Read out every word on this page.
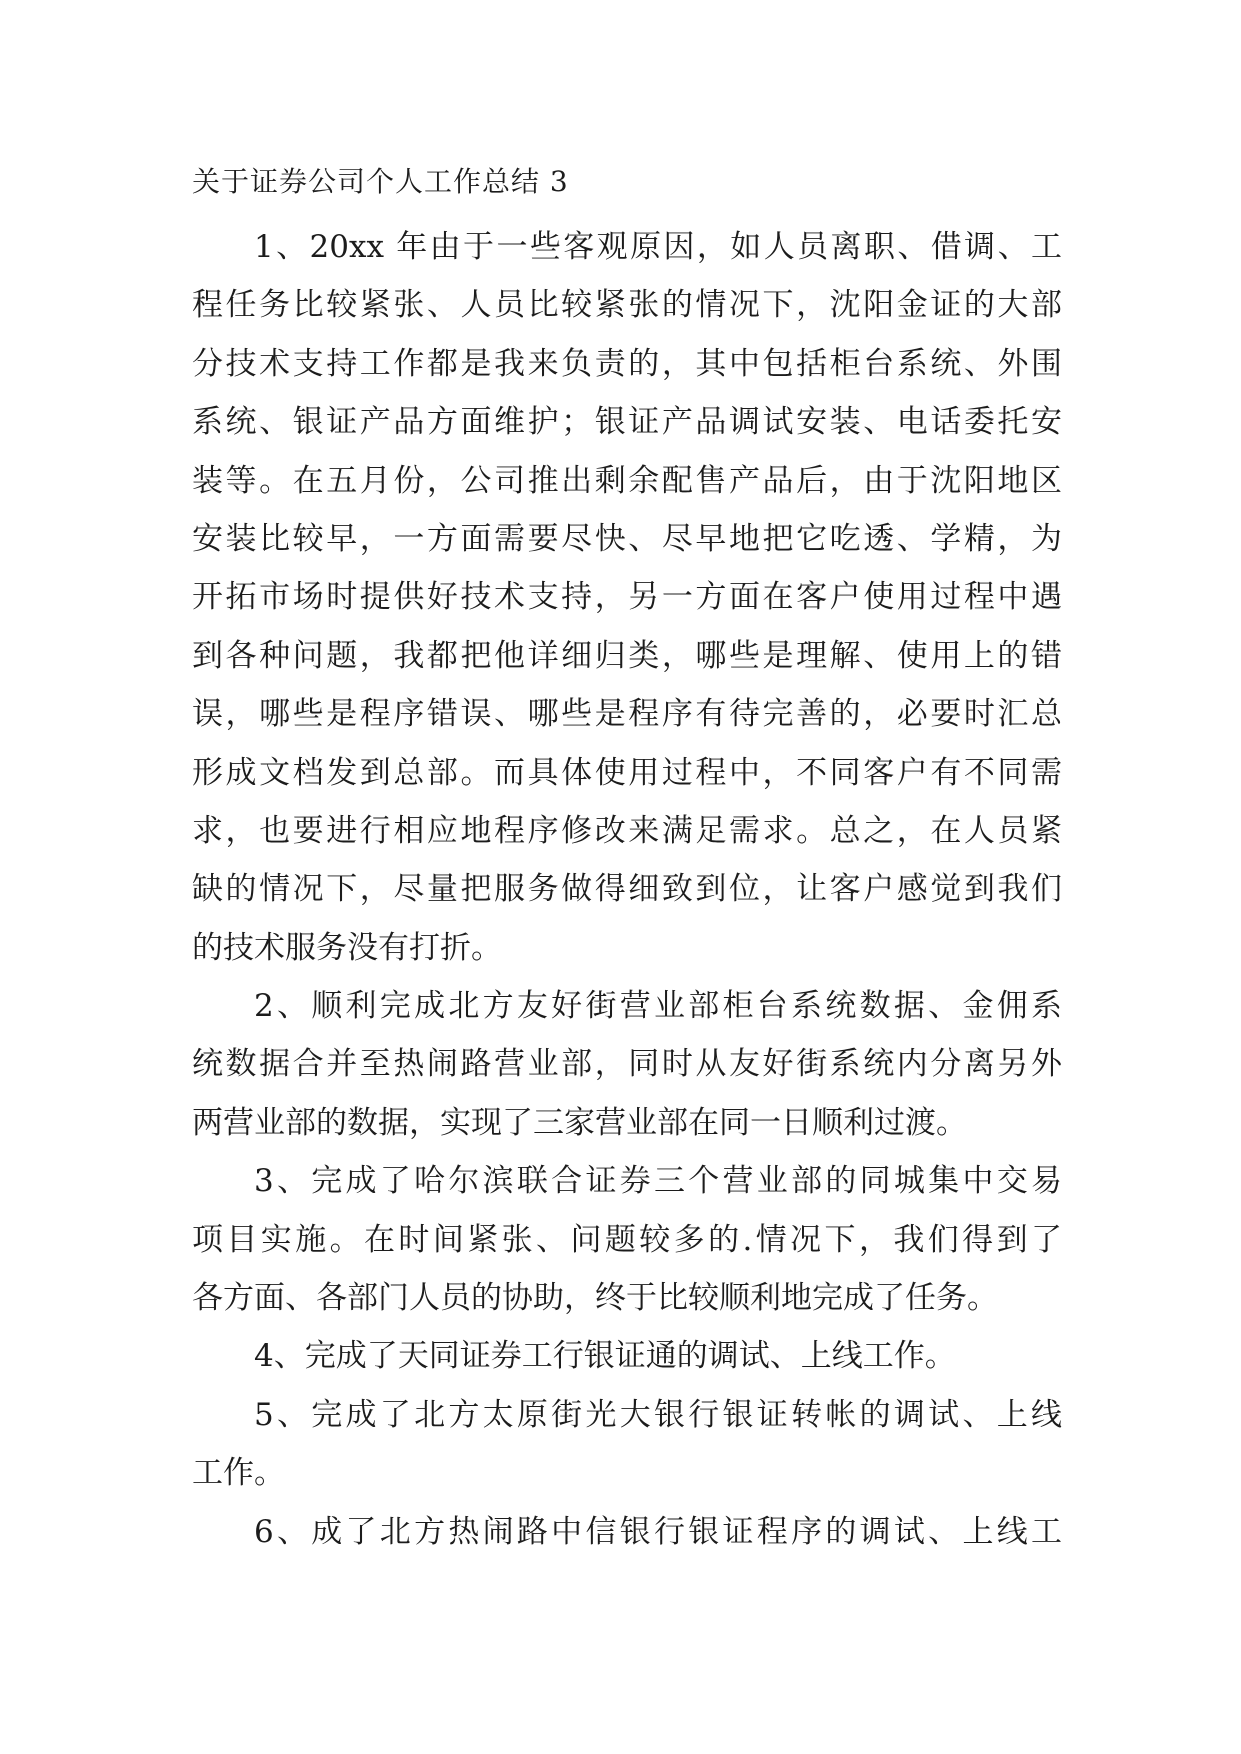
关于证券公司个人工作总结 3
1、20xx 年由于一些客观原因，如人员离职、借调、工
程任务比较紧张、人员比较紧张的情况下，沈阳金证的大部
分技术支持工作都是我来负责的，其中包括柜台系统、外围
系统、银证产品方面维护；银证产品调试安装、电话委托安
装等。在五月份，公司推出剩余配售产品后，由于沈阳地区
安装比较早，一方面需要尽快、尽早地把它吃透、学精，为
开拓市场时提供好技术支持，另一方面在客户使用过程中遇
到各种问题，我都把他详细归类，哪些是理解、使用上的错
误，哪些是程序错误、哪些是程序有待完善的，必要时汇总
形成文档发到总部。而具体使用过程中，不同客户有不同需
求，也要进行相应地程序修改来满足需求。总之，在人员紧
缺的情况下，尽量把服务做得细致到位，让客户感觉到我们
的技术服务没有打折。
2、顺利完成北方友好街营业部柜台系统数据、金佣系
统数据合并至热闹路营业部，同时从友好街系统内分离另外
两营业部的数据，实现了三家营业部在同一日顺利过渡。
3、完成了哈尔滨联合证券三个营业部的同城集中交易
项目实施。在时间紧张、问题较多的.情况下，我们得到了
各方面、各部门人员的协助，终于比较顺利地完成了任务。
4、完成了天同证券工行银证通的调试、上线工作。
5、完成了北方太原街光大银行银证转帐的调试、上线
工作。
6、成了北方热闹路中信银行银证程序的调试、上线工
